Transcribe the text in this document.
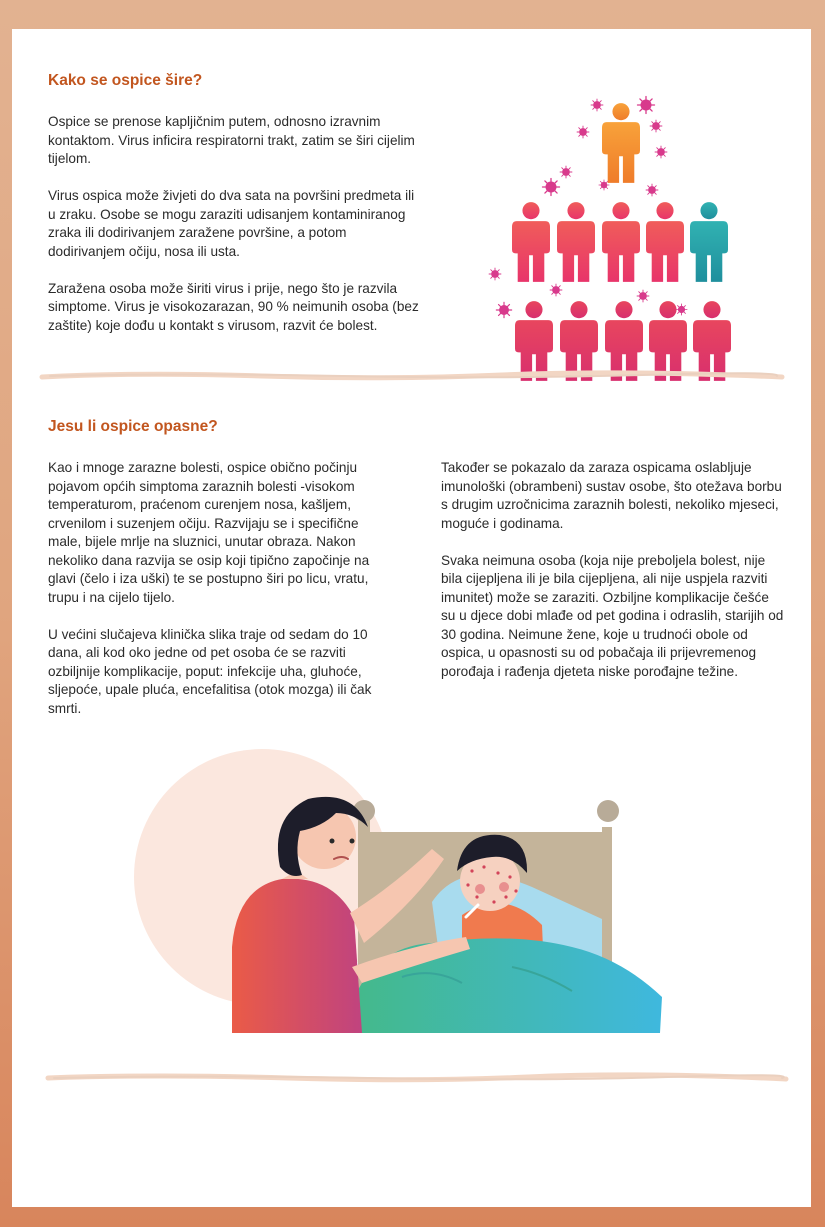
Kako se ospice šire?

Ospice se prenose kapljičnim putem, odnosno izravnim kontaktom. Virus inficira respiratorni trakt, zatim se širi cijelim tijelom.

Virus ospica može živjeti do dva sata na površini predmeta ili u zraku. Osobe se mogu zaraziti udisanjem kontaminiranog zraka ili dodirivanjem zaražene površine, a potom dodirivanjem očiju, nosa ili usta.

Zaražena osoba može širiti virus i prije, nego što je razvila simptome. Virus je visokozarazan, 90 % neimunih osoba (bez zaštite) koje dođu u kontakt s virusom, razvit će bolest.

Jesu li ospice opasne?

Kao i mnoge zarazne bolesti, ospice obično počinju pojavom općih simptoma zaraznih bolesti -visokom temperaturom, praćenom curenjem nosa, kašljem, crvenilom i suzenjem očiju. Razvijaju se i specifične male, bijele mrlje na sluznici, unutar obraza. Nakon nekoliko dana razvija se osip koji tipično započinje na glavi (čelo i iza uški) te se postupno širi po licu, vratu, trupu i na cijelo tijelo.

U većini slučajeva klinička slika traje od sedam do 10 dana, ali kod oko jedne od pet osoba će se razviti ozbiljnije komplikacije, poput: infekcije uha, gluhoće, sljepoće, upale pluća, encefalitisa (otok mozga) ili čak smrti.

Također se pokazalo da zaraza ospicama oslabljuje imunološki (obrambeni) sustav osobe, što otežava borbu s drugim uzročnicima zaraznih bolesti, nekoliko mjeseci, moguće i godinama.

Svaka neimuna osoba (koja nije preboljela bolest, nije bila cijepljena ili je bila cijepljena, ali nije uspjela razviti imunitet) može se zaraziti. Ozbiljne komplikacije češće su u djece dobi mlađe od pet godina i odraslih, starijih od 30 godina. Neimune žene, koje u trudnoći obole od ospica, u opasnosti su od pobačaja ili prijevremenog porođaja i rađenja djeteta niske porođajne težine.
